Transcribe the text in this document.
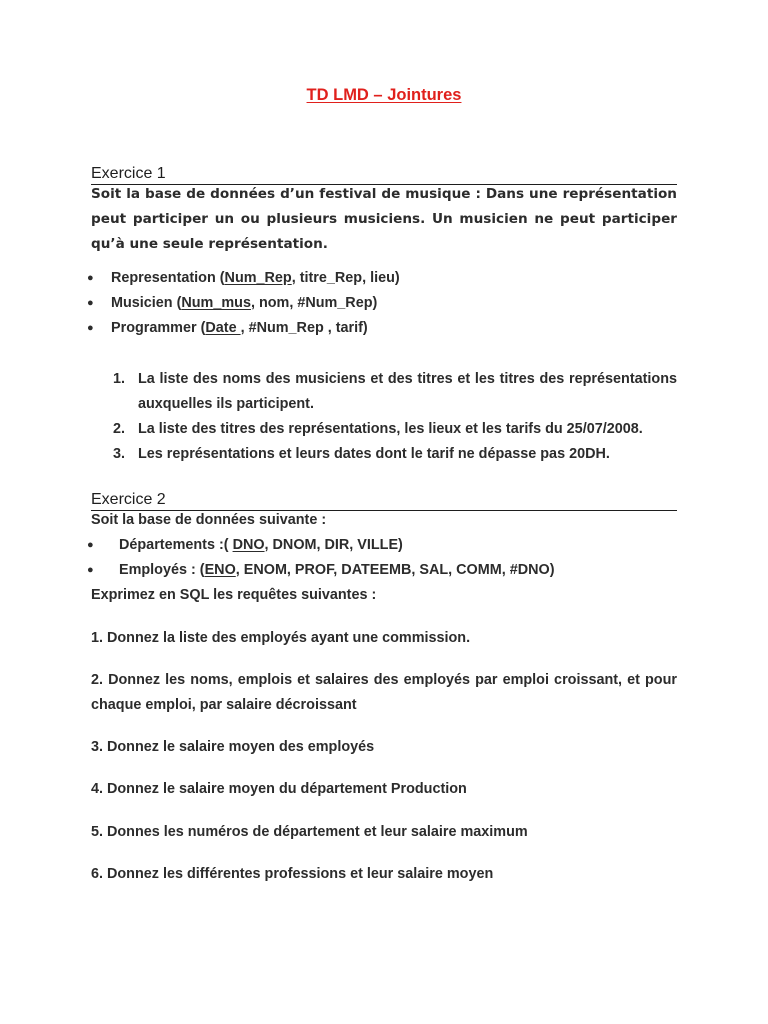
TD LMD – Jointures
Exercice 1
Soit la base de données d’un festival de musique : Dans une représentation peut participer un ou plusieurs musiciens. Un musicien ne peut participer qu’à une seule représentation.
● Representation (Num_Rep, titre_Rep, lieu)
● Musicien (Num_mus, nom, #Num_Rep)
● Programmer (Date , #Num_Rep , tarif)
1. La liste des noms des musiciens et des titres et les titres des représentations auxquelles ils participent.
2. La liste des titres des représentations, les lieux et les tarifs du 25/07/2008.
3. Les représentations et leurs dates dont le tarif ne dépasse pas 20DH.
Exercice 2
Soit la base de données suivante :
● Départements :( DNO, DNOM, DIR, VILLE)
● Employés : (ENO, ENOM, PROF, DATEEMB, SAL, COMM, #DNO)
Exprimez en SQL les requêtes suivantes :
1. Donnez la liste des employés ayant une commission.
2. Donnez les noms, emplois et salaires des employés par emploi croissant, et pour chaque emploi, par salaire décroissant
3. Donnez le salaire moyen des employés
4. Donnez le salaire moyen du département Production
5. Donnes les numéros de département et leur salaire maximum
6. Donnez les différentes professions et leur salaire moyen
